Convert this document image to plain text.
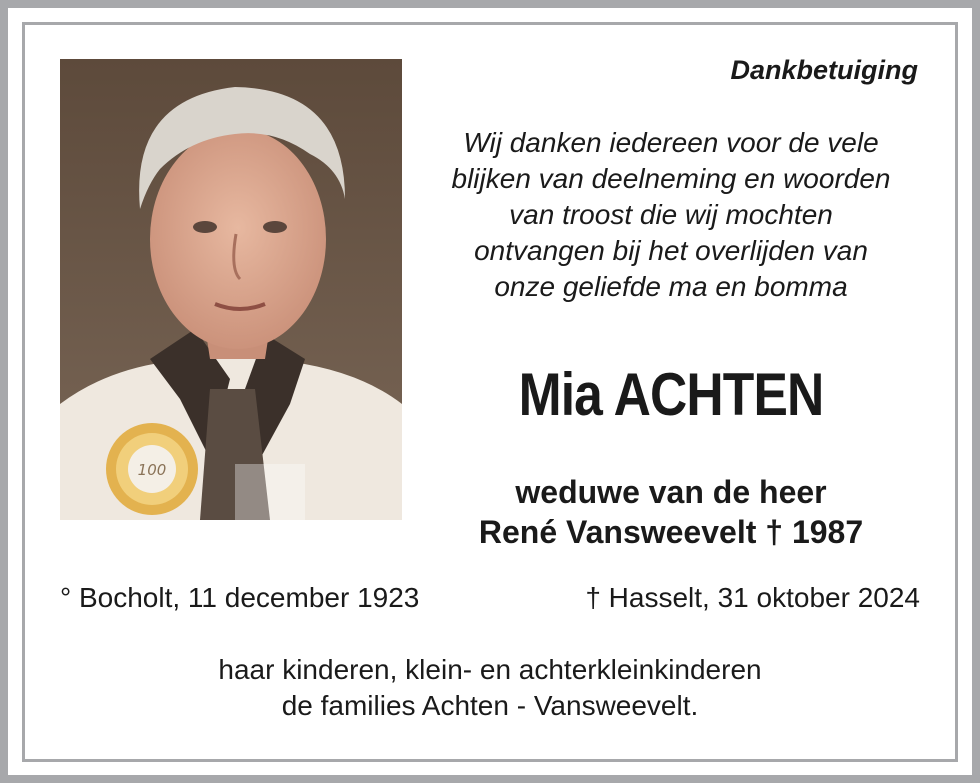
100
Dankbetuiging
Wij danken iedereen voor de vele
blijken van deelneming en woorden
van troost die wij mochten
ontvangen bij het overlijden van
onze geliefde ma en bomma
Mia ACHTEN
weduwe van de heer
René Vansweevelt † 1987
° Bocholt, 11 december 1923	† Hasselt, 31 oktober 2024
haar kinderen, klein- en achterkleinkinderen
de families Achten - Vansweevelt.
